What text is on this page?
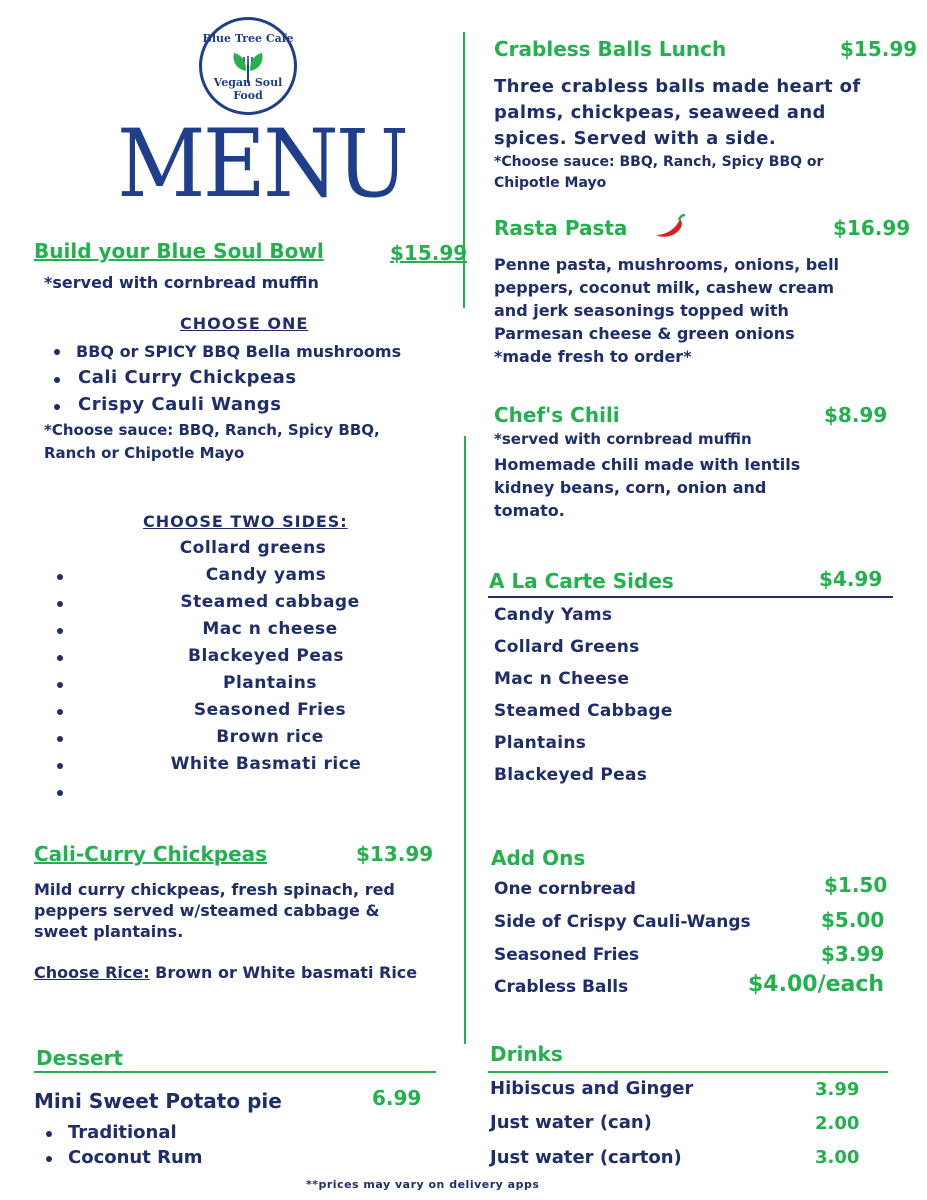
Blue Tree Cafe
Vegan Soul Food
MENU
Build your Blue Soul Bowl	$15.99
*served with cornbread muffin
CHOOSE ONE
BBQ or SPICY BBQ Bella mushrooms
Cali Curry Chickpeas
Crispy Cauli Wangs
*Choose sauce: BBQ, Ranch, Spicy BBQ,
Ranch or Chipotle Mayo
CHOOSE TWO SIDES:
Collard greens
Candy yams
Steamed cabbage
Mac n cheese
Blackeyed Peas
Plantains
Seasoned Fries
Brown rice
White Basmati rice
Cali-Curry Chickpeas	$13.99
Mild curry chickpeas, fresh spinach, red
peppers served w/steamed cabbage &
sweet plantains.
Choose Rice: Brown or White basmati Rice
Dessert
Mini Sweet Potato pie	6.99
Traditional
Coconut Rum
Crabless Balls Lunch	$15.99
Three crabless balls made heart of
palms, chickpeas, seaweed and
spices. Served with a side.
*Choose sauce: BBQ, Ranch, Spicy BBQ or
Chipotle Mayo
Rasta Pasta	$16.99
Penne pasta, mushrooms, onions, bell
peppers, coconut milk, cashew cream
and jerk seasonings topped with
Parmesan cheese & green onions
*made fresh to order*
Chef's Chili	$8.99
*served with cornbread muffin
Homemade chili made with lentils
kidney beans, corn, onion and
tomato.
A La Carte Sides	$4.99
Candy Yams
Collard Greens
Mac n Cheese
Steamed Cabbage
Plantains
Blackeyed Peas
Add Ons
One cornbread	$1.50
Side of Crispy Cauli-Wangs	$5.00
Seasoned Fries	$3.99
Crabless Balls	$4.00/each
Drinks
Hibiscus and Ginger	3.99
Just water (can)	2.00
Just water (carton)	3.00
**prices may vary on delivery apps
